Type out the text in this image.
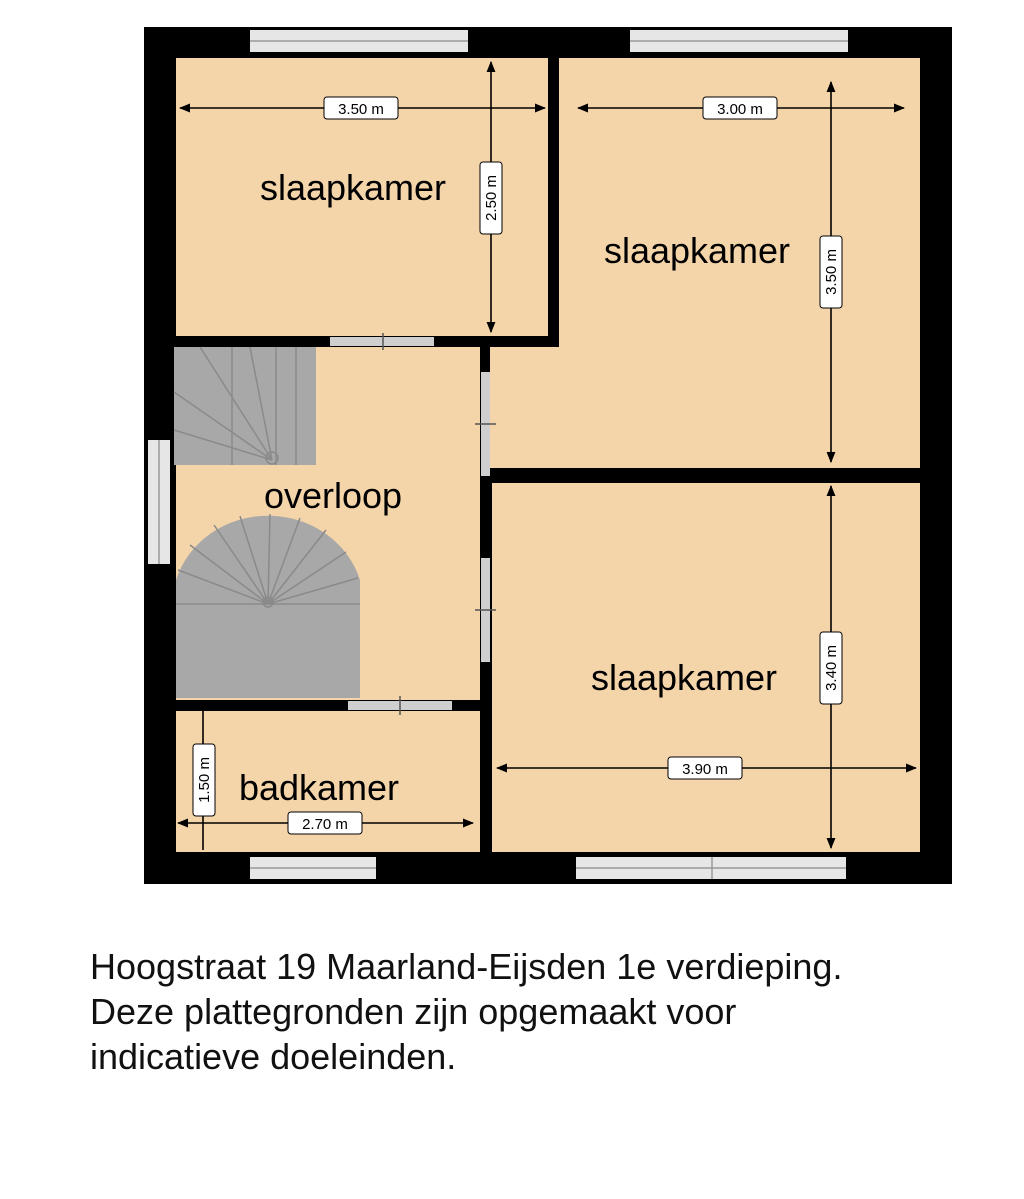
3.50 m
2.50 m
3.00 m
3.50 m
3.40 m
3.90 m
1.50 m
2.70 m
slaapkamer
slaapkamer
overloop
slaapkamer
badkamer

Hoogstraat 19 Maarland-Eijsden 1e verdieping.
Deze plattegronden zijn opgemaakt voor
indicatieve doeleinden.
